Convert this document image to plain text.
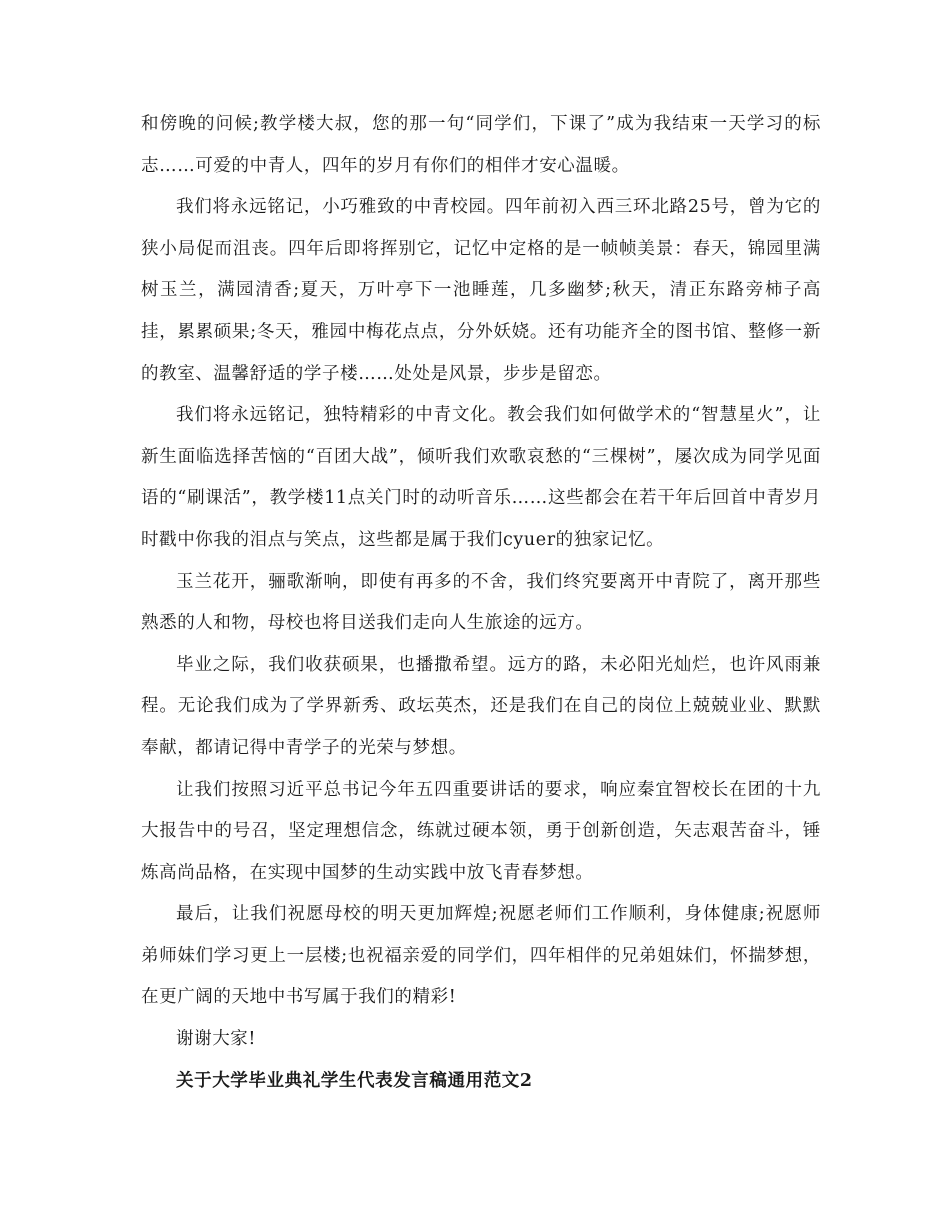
和傍晚的问候;教学楼大叔，您的那一句“同学们，下课了”成为我结束一天学习的标志……可爱的中青人，四年的岁月有你们的相伴才安心温暖。

我们将永远铭记，小巧雅致的中青校园。四年前初入西三环北路25号，曾为它的狭小局促而沮丧。四年后即将挥别它，记忆中定格的是一帧帧美景：春天，锦园里满树玉兰，满园清香;夏天，万叶亭下一池睡莲，几多幽梦;秋天，清正东路旁柿子高挂，累累硕果;冬天，雅园中梅花点点，分外妖娆。还有功能齐全的图书馆、整修一新的教室、温馨舒适的学子楼……处处是风景，步步是留恋。

我们将永远铭记，独特精彩的中青文化。教会我们如何做学术的“智慧星火”，让新生面临选择苦恼的“百团大战”，倾听我们欢歌哀愁的“三棵树”，屡次成为同学见面语的“刷课活”，教学楼11点关门时的动听音乐……这些都会在若干年后回首中青岁月时戳中你我的泪点与笑点，这些都是属于我们cyuer的独家记忆。

玉兰花开，骊歌渐响，即使有再多的不舍，我们终究要离开中青院了，离开那些熟悉的人和物，母校也将目送我们走向人生旅途的远方。

毕业之际，我们收获硕果，也播撒希望。远方的路，未必阳光灿烂，也许风雨兼程。无论我们成为了学界新秀、政坛英杰，还是我们在自己的岗位上兢兢业业、默默奉献，都请记得中青学子的光荣与梦想。

让我们按照习近平总书记今年五四重要讲话的要求，响应秦宜智校长在团的十九大报告中的号召，坚定理想信念，练就过硬本领，勇于创新创造，矢志艰苦奋斗，锤炼高尚品格，在实现中国梦的生动实践中放飞青春梦想。

最后，让我们祝愿母校的明天更加辉煌;祝愿老师们工作顺利，身体健康;祝愿师弟师妹们学习更上一层楼;也祝福亲爱的同学们，四年相伴的兄弟姐妹们，怀揣梦想，在更广阔的天地中书写属于我们的精彩!

谢谢大家!

关于大学毕业典礼学生代表发言稿通用范文2
